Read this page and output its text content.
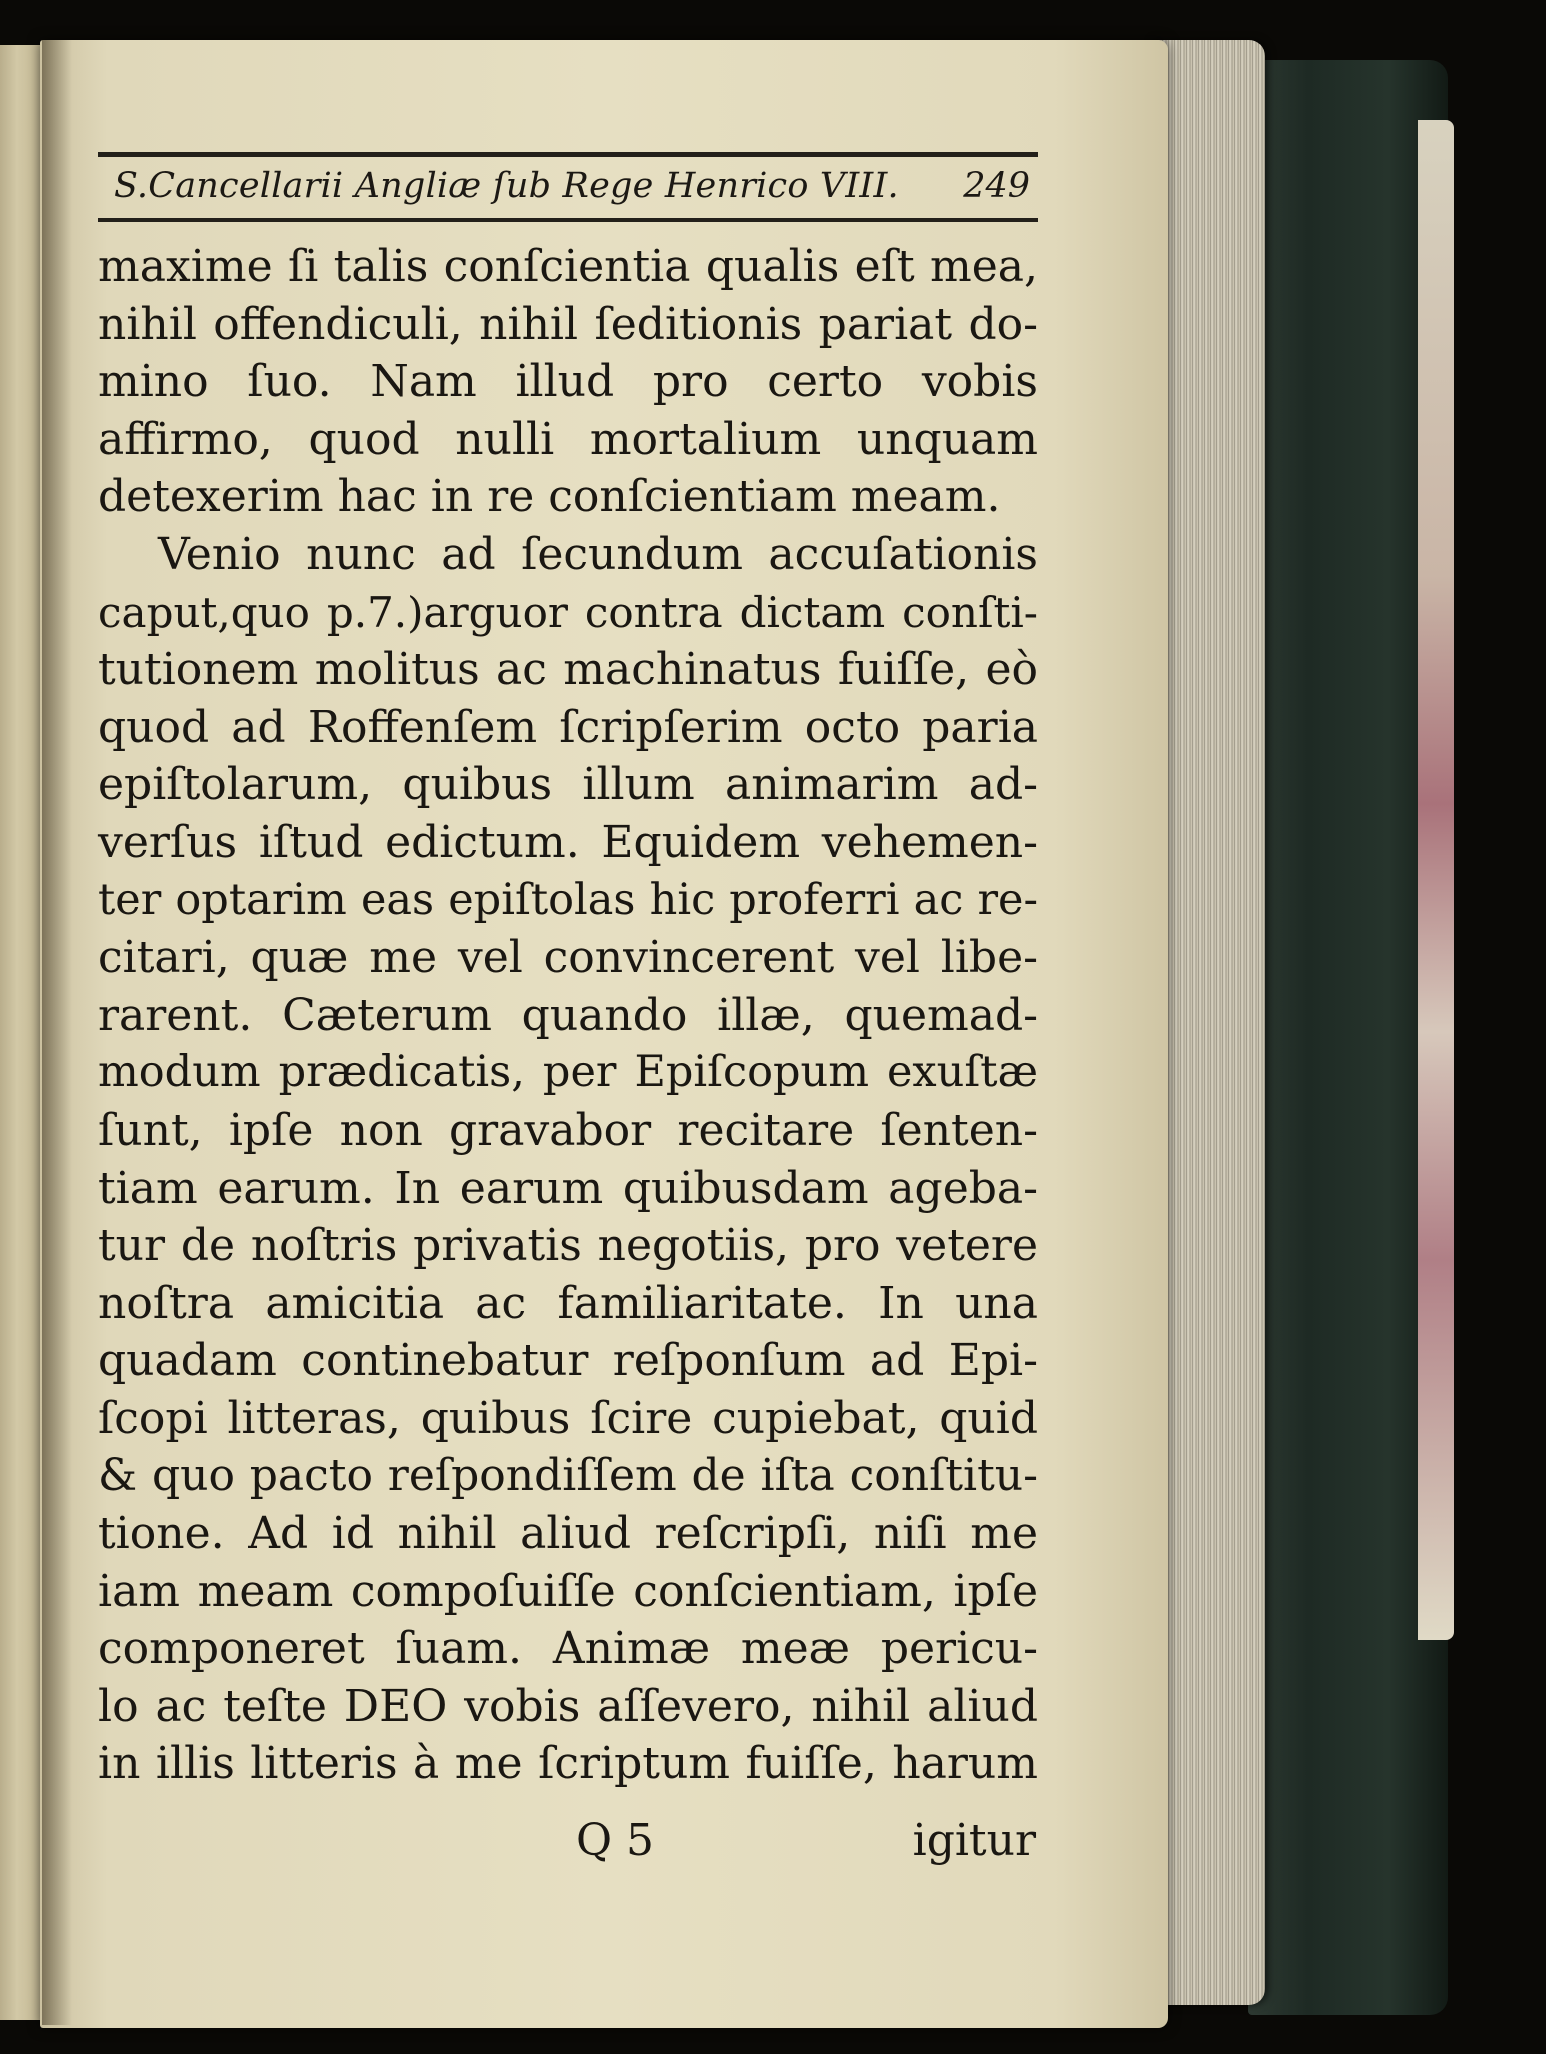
S.Cancellarii Angliæ ſub Rege Henrico VIII. 249
maxime ſi talis conſcientia qualis eſt mea,
nihil offendiculi, nihil ſeditionis pariat do-
mino ſuo. Nam illud pro certo vobis
affirmo, quod nulli mortalium unquam
detexerim hac in re conſcientiam meam.
Venio nunc ad ſecundum accuſationis
caput,quo p.7.)arguor contra dictam conſti-
tutionem molitus ac machinatus fuiſſe, eò
quod ad Roffenſem ſcripſerim octo paria
epiſtolarum, quibus illum animarim ad-
verſus iſtud edictum. Equidem vehemen-
ter optarim eas epiſtolas hic proferri ac re-
citari, quæ me vel convincerent vel libe-
rarent. Cæterum quando illæ, quemad-
modum prædicatis, per Epiſcopum exuſtæ
ſunt, ipſe non gravabor recitare ſenten-
tiam earum. In earum quibusdam ageba-
tur de noſtris privatis negotiis, pro vetere
noſtra amicitia ac familiaritate. In una
quadam continebatur reſponſum ad Epi-
ſcopi litteras, quibus ſcire cupiebat, quid
& quo pacto reſpondiſſem de iſta conſtitu-
tione. Ad id nihil aliud reſcripſi, niſi me
iam meam compoſuiſſe conſcientiam, ipſe
componeret ſuam. Animæ meæ pericu-
lo ac teſte DEO vobis aſſevero, nihil aliud
in illis litteris à me ſcriptum fuiſſe, harum
Q 5	igitur
